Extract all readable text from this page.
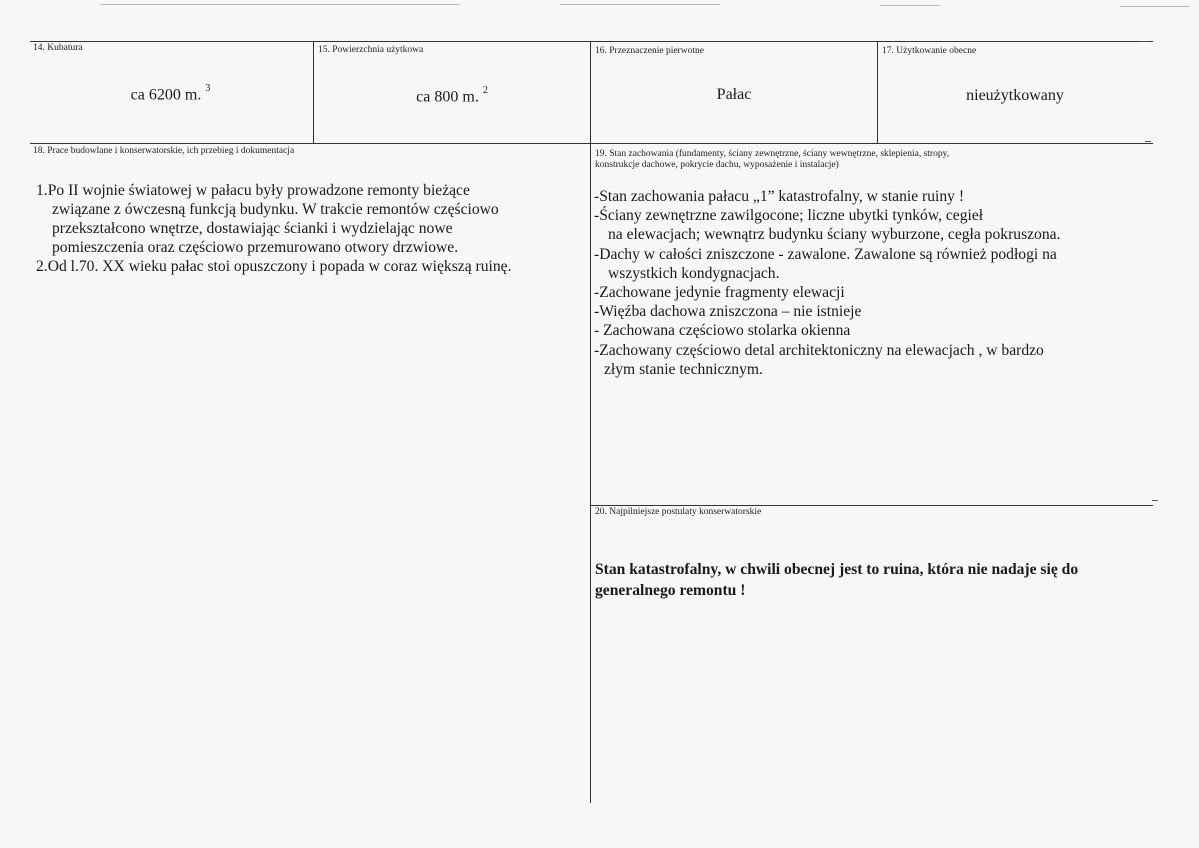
14. Kubatura
ca 6200 m. $^3$
15. Powierzchnia użytkowa
ca 800 m. $^2$
16. Przeznaczenie pierwotne
Pałac
17. Użytkowanie obecne
nieużytkowany
18. Prace budowlane i konserwatorskie, ich przebieg i dokumentacja
1.Po II wojnie światowej w pałacu były prowadzone remonty bieżące
związane z ówczesną funkcją budynku. W trakcie remontów częściowo
przekształcono wnętrze, dostawiając ścianki i wydzielając nowe
pomieszczenia oraz częściowo przemurowano otwory drzwiowe.
2.Od l.70. XX wieku pałac stoi opuszczony i popada w coraz większą ruinę.
19. Stan zachowania (fundamenty, ściany zewnętrzne, ściany wewnętrzne, sklepienia, stropy,
konstrukcje dachowe, pokrycie dachu, wyposażenie i instalacje)
-Stan zachowania pałacu „1” katastrofalny, w stanie ruiny !
-Ściany zewnętrzne zawilgocone; liczne ubytki tynków, cegieł
na elewacjach; wewnątrz budynku ściany wyburzone, cegła pokruszona.
-Dachy w całości zniszczone - zawalone. Zawalone są również podłogi na
wszystkich kondygnacjach.
-Zachowane jedynie fragmenty elewacji
-Więźba dachowa zniszczona – nie istnieje
- Zachowana częściowo stolarka okienna
-Zachowany częściowo detal architektoniczny na elewacjach , w bardzo
złym stanie technicznym.
20. Najpilniejsze postulaty konserwatorskie
Stan katastrofalny, w chwili obecnej jest to ruina, która nie nadaje się do generalnego remontu !
